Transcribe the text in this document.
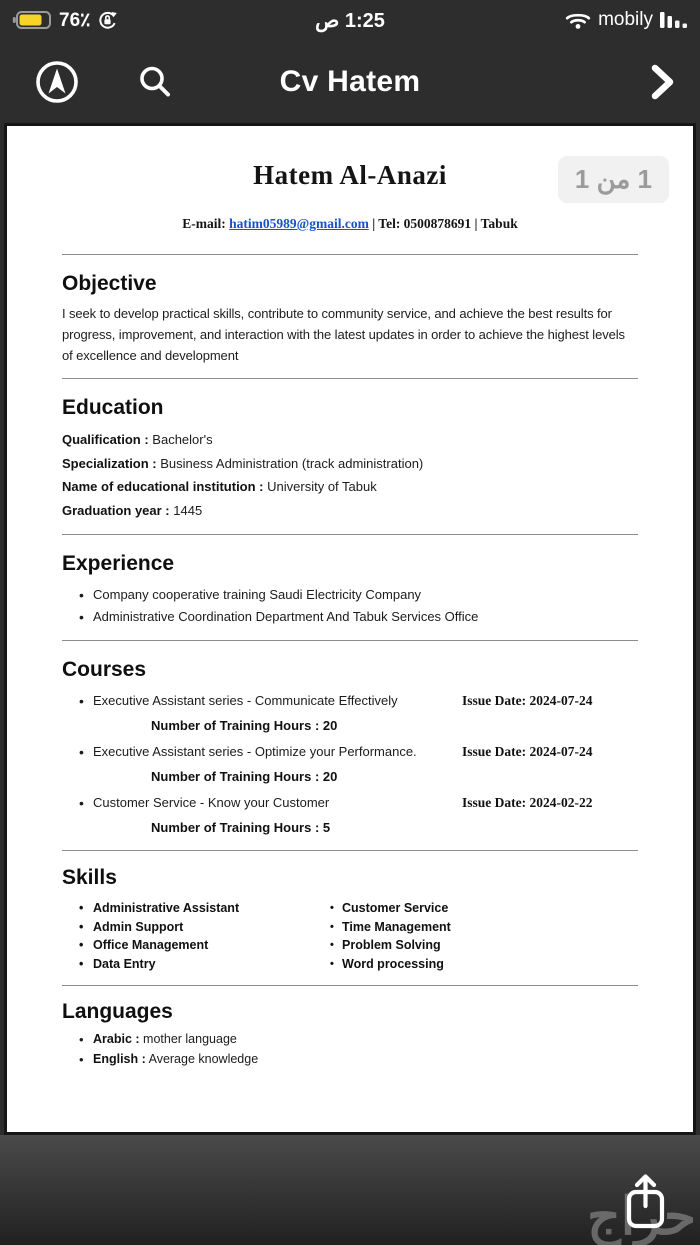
76٪	1:25 ص	mobily
Cv Hatem
1 من 1
Hatem Al-Anazi
E-mail: hatim05989@gmail.com | Tel: 0500878691 | Tabuk
Objective

I seek to develop practical skills, contribute to community service, and achieve the best results for progress, improvement, and interaction with the latest updates in order to achieve the highest levels of excellence and development

Education
Qualification : Bachelor's
Specialization : Business Administration (track administration)
Name of educational institution : University of Tabuk
Graduation year : 1445
Experience
• Company cooperative training Saudi Electricity Company
• Administrative Coordination Department And Tabuk Services Office
Courses
• Executive Assistant series - Communicate Effectively	Issue Date: 2024-07-24
Number of Training Hours : 20
• Executive Assistant series - Optimize your Performance.	Issue Date: 2024-07-24
Number of Training Hours : 20
• Customer Service - Know your Customer	Issue Date: 2024-02-22
Number of Training Hours : 5
Skills
• Administrative Assistant	• Customer Service
• Admin Support	• Time Management
• Office Management	• Problem Solving
• Data Entry	• Word processing
Languages
• Arabic : mother language
• English : Average knowledge
حراج
